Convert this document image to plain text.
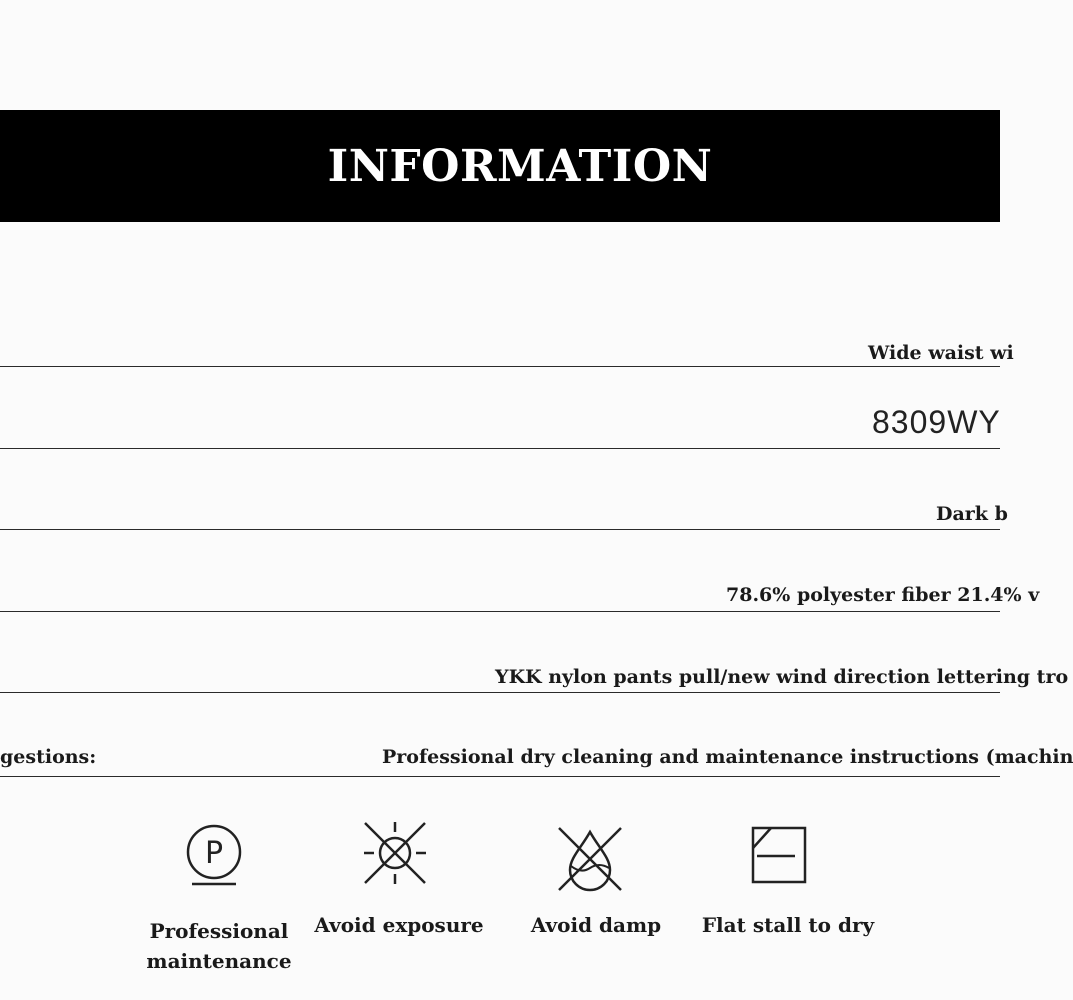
INFORMATION
Wide waist wi
8309WY
Dark b
78.6% polyester fiber 21.4% v
YKK nylon pants pull/new wind direction lettering tro
gestions:	Professional dry cleaning and maintenance instructions (machin
P
Professional
maintenance
Avoid exposure	Avoid damp	Flat stall to dry
